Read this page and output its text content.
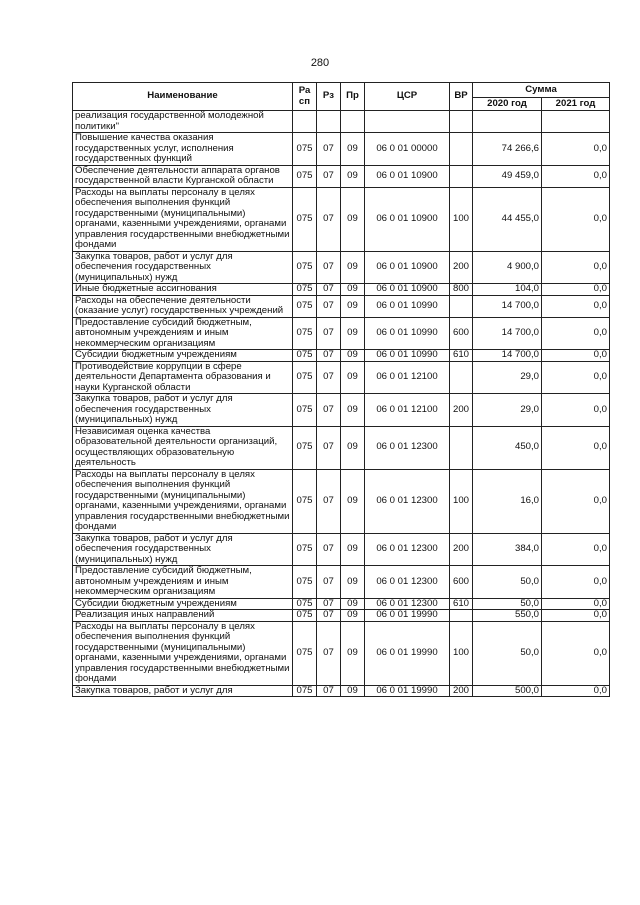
280
Наименование	Ра
сп	Рз	Пр	ЦСР	ВР	Сумма	
						2020 год	2021 год
реализация государственной молодежной политики"							
Повышение качества оказания государственных услуг, исполнения государственных функций	075	07	09	06 0 01 00000		74 266,6	0,0
Обеспечение деятельности аппарата органов государственной власти Курганской области	075	07	09	06 0 01 10900		49 459,0	0,0
Расходы на выплаты персоналу в целях обеспечения выполнения функций государственными (муниципальными) органами, казенными учреждениями, органами управления государственными внебюджетными фондами	075	07	09	06 0 01 10900	100	44 455,0	0,0
Закупка товаров, работ и услуг для обеспечения государственных (муниципальных) нужд	075	07	09	06 0 01 10900	200	4 900,0	0,0
Иные бюджетные ассигнования	075	07	09	06 0 01 10900	800	104,0	0,0
Расходы на обеспечение деятельности (оказание услуг) государственных учреждений	075	07	09	06 0 01 10990		14 700,0	0,0
Предоставление субсидий бюджетным, автономным учреждениям и иным некоммерческим организациям	075	07	09	06 0 01 10990	600	14 700,0	0,0
Субсидии бюджетным учреждениям	075	07	09	06 0 01 10990	610	14 700,0	0,0
Противодействие коррупции в сфере деятельности Департамента образования и науки Курганской области	075	07	09	06 0 01 12100		29,0	0,0
Закупка товаров, работ и услуг для обеспечения государственных (муниципальных) нужд	075	07	09	06 0 01 12100	200	29,0	0,0
Независимая оценка качества образовательной деятельности организаций, осуществляющих образовательную деятельность	075	07	09	06 0 01 12300		450,0	0,0
Расходы на выплаты персоналу в целях обеспечения выполнения функций государственными (муниципальными) органами, казенными учреждениями, органами управления государственными внебюджетными фондами	075	07	09	06 0 01 12300	100	16,0	0,0
Закупка товаров, работ и услуг для обеспечения государственных (муниципальных) нужд	075	07	09	06 0 01 12300	200	384,0	0,0
Предоставление субсидий бюджетным, автономным учреждениям и иным некоммерческим организациям	075	07	09	06 0 01 12300	600	50,0	0,0
Субсидии бюджетным учреждениям	075	07	09	06 0 01 12300	610	50,0	0,0
Реализация иных направлений	075	07	09	06 0 01 19990		550,0	0,0
Расходы на выплаты персоналу в целях обеспечения выполнения функций государственными (муниципальными) органами, казенными учреждениями, органами управления государственными внебюджетными фондами	075	07	09	06 0 01 19990	100	50,0	0,0
Закупка товаров, работ и услуг для	075	07	09	06 0 01 19990	200	500,0	0,0
